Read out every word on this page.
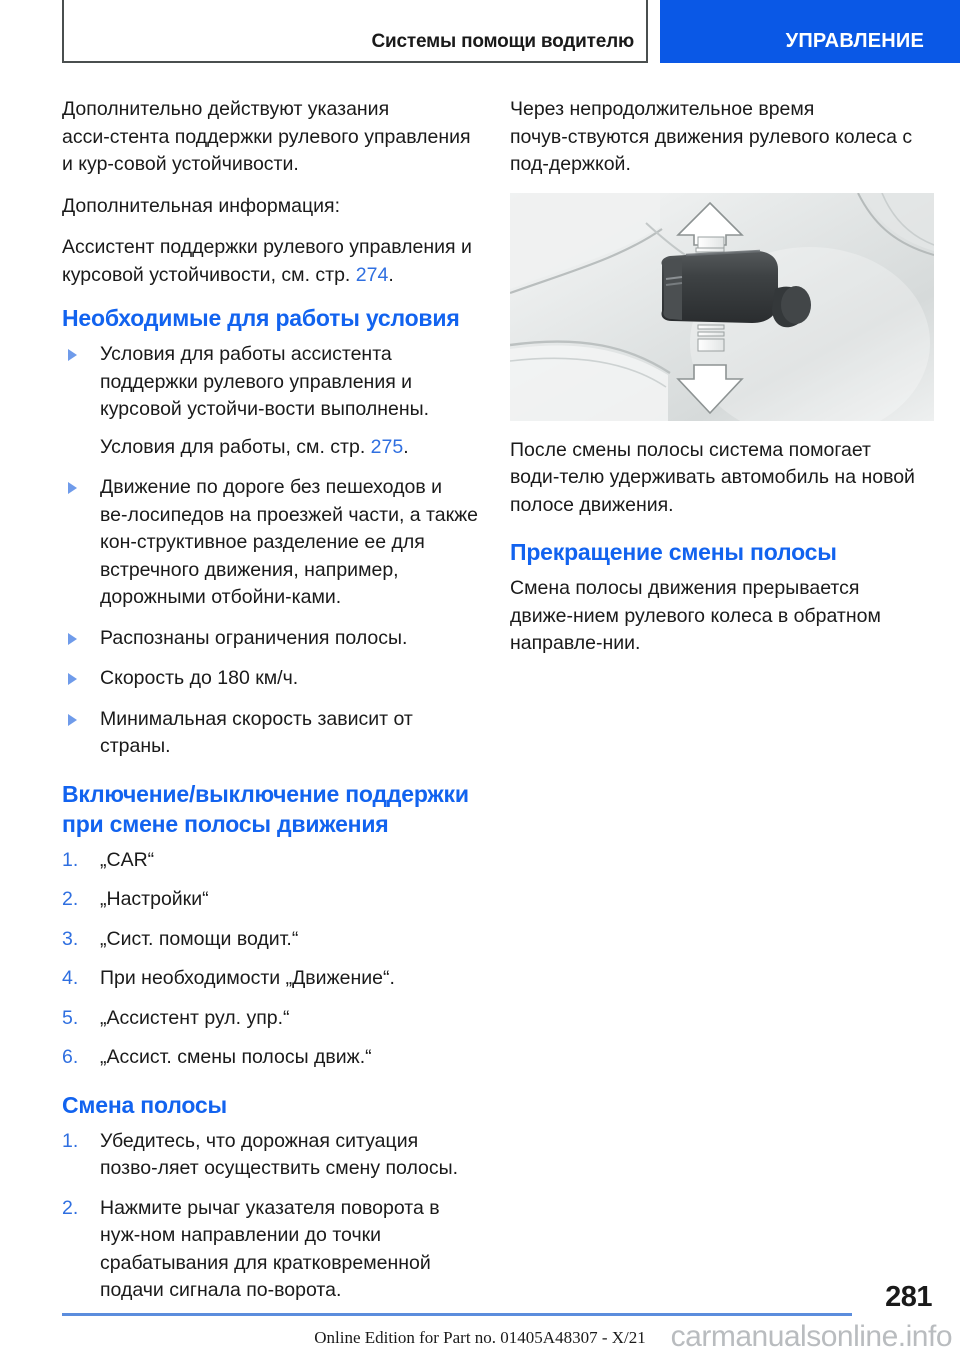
Системы помощи водителю	УПРАВЛЕНИЕ

Дополнительно действуют указания асси‑стента поддержки рулевого управления и кур‑совой устойчивости.

Дополнительная информация:

Ассистент поддержки рулевого управления и курсовой устойчивости, см. стр. 274.

Необходимые для работы условия
Условия для работы ассистента поддержки рулевого управления и курсовой устойчи‑вости выполнены.
Условия для работы, см. стр. 275.
Движение по дороге без пешеходов и ве‑лосипедов на проезжей части, а также кон‑структивное разделение ее для встречного движения, например, дорожными отбойни‑ками.
Распознаны ограничения полосы.
Скорость до 180 км/ч.
Минимальная скорость зависит от страны.
Включение/выключение поддержки при смене полосы движения
1.	„CAR“
2.	„Настройки“
3.	„Сист. помощи водит.“
4.	При необходимости „Движение“.
5.	„Ассистент рул. упр.“
6.	„Ассист. смены полосы движ.“
Смена полосы
1.	Убедитесь, что дорожная ситуация позво‑ляет осуществить смену полосы.
2.	Нажмите рычаг указателя поворота в нуж‑ном направлении до точки срабатывания для кратковременной подачи сигнала по‑ворота.

Через непродолжительное время почув‑ствуются движения рулевого колеса с под‑держкой.

После смены полосы система помогает води‑телю удерживать автомобиль на новой полосе движения.

Прекращение смены полосы

Смена полосы движения прерывается движе‑нием рулевого колеса в обратном направле‑нии.

281
Online Edition for Part no. 01405A48307 - X/21 carmanualsonline.info
